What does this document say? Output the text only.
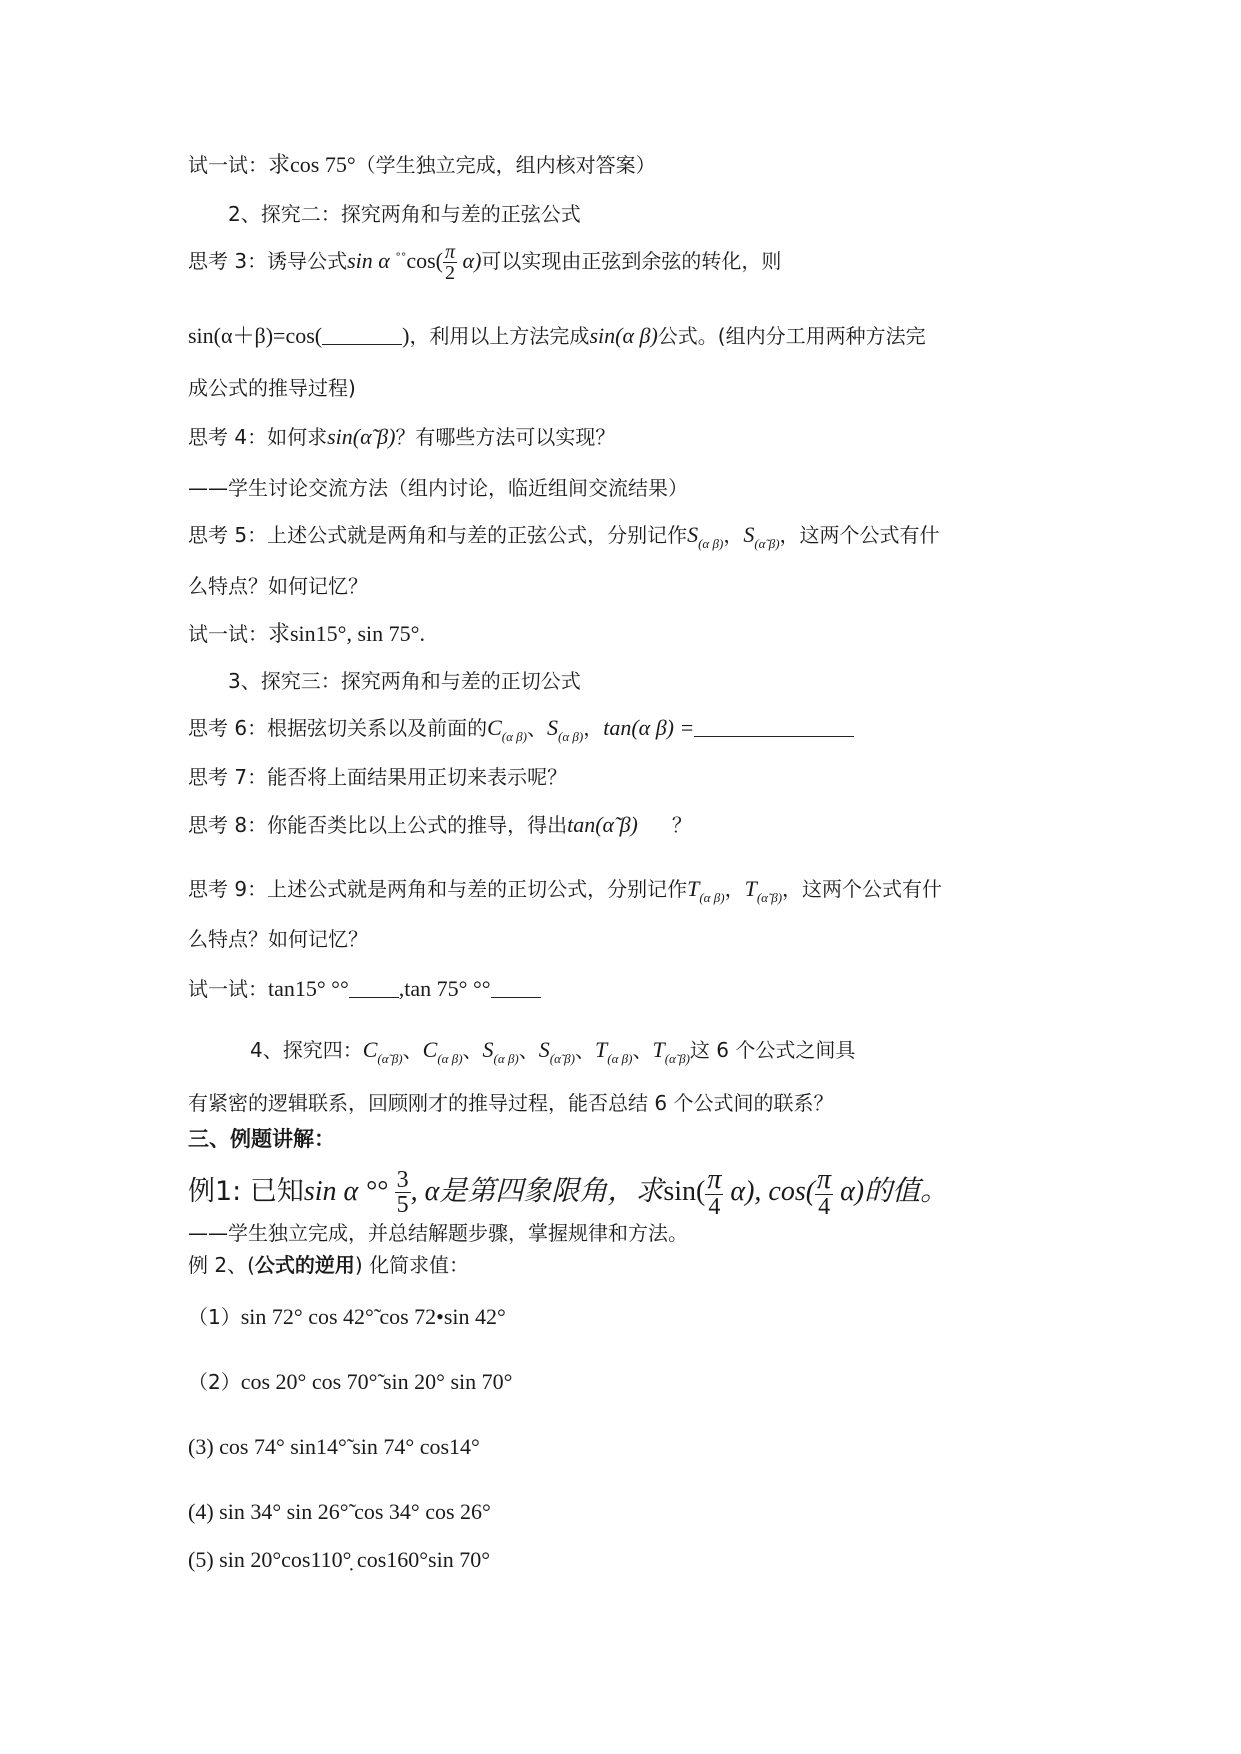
试一试：求cos 75°（学生独立完成，组内核对答案）
2、探究二：探究两角和与差的正弦公式
思考 3：诱导公式sin α $^{^\circ^\circ}\cos( \frac{\pi}{2} \alpha)$可以实现由正弦到余弦的转化，则
sin(α＋β)=cos(	)，利用以上方法完成sin(α β)公式。(组内分工用两种方法完
成公式的推导过程)
思考 4：如何求sin(α̃ β)？有哪些方法可以实现？
——学生讨论交流方法（组内讨论，临近组间交流结果）
思考 5：上述公式就是两角和与差的正弦公式，分别记作$S_{(\alpha \beta)}$，$S_{(\alphã \beta)}$，这两个公式有什
么特点？如何记忆？
试一试：求sin15°, sin 75°.
3、探究三：探究两角和与差的正切公式
思考 6：根据弦切关系以及前面的$C_{(\alpha \beta)}$、$S_{(\alpha \beta)}$，tan(α β) =
思考 7：能否将上面结果用正切来表示呢？
思考 8：你能否类比以上公式的推导，得出tan(α̃ β) ？
思考 9：上述公式就是两角和与差的正切公式，分别记作$T_{(\alpha \beta)}$，$T_{(\alphã \beta)}$，这两个公式有什
么特点？如何记忆？
试一试：tan15° °° ,tan 75° °°
4、探究四：$C_{(\alphã \beta)}$、$C_{(\alpha \beta)}$、$S_{(\alpha \beta)}$、$S_{(\alphã \beta)}$、$T_{(\alpha \beta)}$、$T_{(\alphã \beta)}$这 6 个公式之间具
有紧密的逻辑联系，回顾刚才的推导过程，能否总结 6 个公式间的联系？
三、例题讲解：
例1: 已知sin α °° $\frac{3}{5}$ , α是第四象限角，求$\sin( \frac{\pi}{4} \alpha)$, $\cos( \frac{\pi}{4} \alpha)$的值。
——学生独立完成，并总结解题步骤，掌握规律和方法。
例 2、(公式的逆用) 化简求值：
（1）sin 72° cos 42°̃ cos 72•sin 42°
（2）cos 20° cos 70°̃ sin 20° sin 70°
(3) cos 74° sin14°̃ sin 74° cos14°
(4) sin 34° sin 26°̃ cos 34° cos 26°
(5) sin 20°cos110°̣ cos160°sin 70°
